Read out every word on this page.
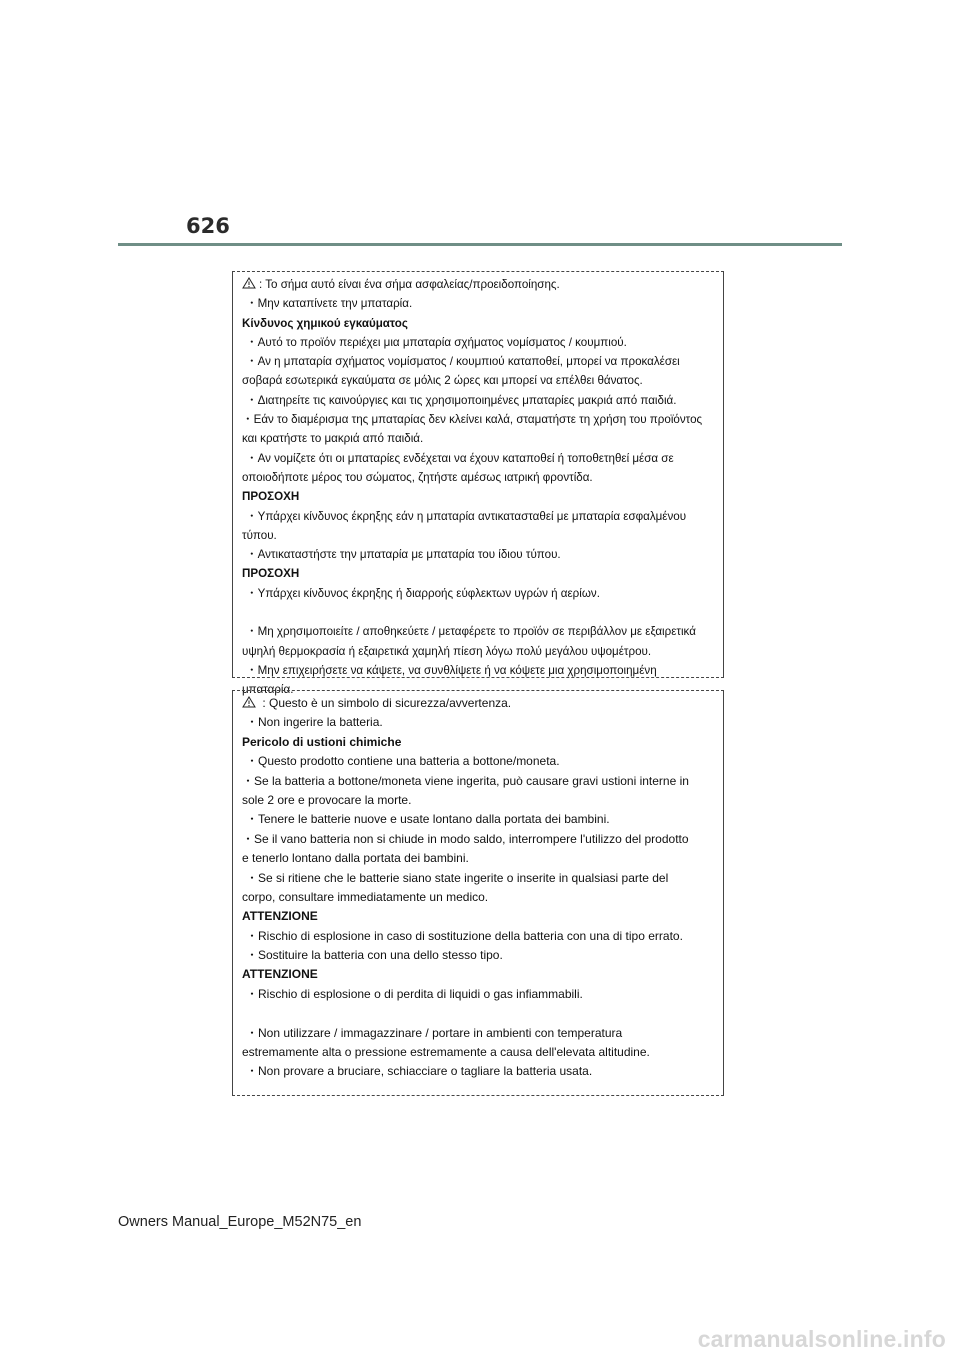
626
: Το σήμα αυτό είναι ένα σήμα ασφαλείας/προειδοποίησης.
・Μην καταπίνετε την μπαταρία.
Κίνδυνος χημικού εγκαύματος
・Αυτό το προϊόν περιέχει μια μπαταρία σχήματος νομίσματος / κουμπιού.
・Αν η μπαταρία σχήματος νομίσματος / κουμπιού καταποθεί, μπορεί να προκαλέσει
σοβαρά εσωτερικά εγκαύματα σε μόλις 2 ώρες και μπορεί να επέλθει θάνατος.
・Διατηρείτε τις καινούργιες και τις χρησιμοποιημένες μπαταρίες μακριά από παιδιά.
・Εάν το διαμέρισμα της μπαταρίας δεν κλείνει καλά, σταματήστε τη χρήση του προϊόντος
και κρατήστε το μακριά από παιδιά.
・Αν νομίζετε ότι οι μπαταρίες ενδέχεται να έχουν καταποθεί ή τοποθετηθεί μέσα σε
οποιοδήποτε μέρος του σώματος, ζητήστε αμέσως ιατρική φροντίδα.
ΠΡΟΣΟΧΗ
・Υπάρχει κίνδυνος έκρηξης εάν η μπαταρία αντικατασταθεί με μπαταρία εσφαλμένου
τύπου.
・Αντικαταστήστε την μπαταρία με μπαταρία του ίδιου τύπου.
ΠΡΟΣΟΧΗ
・Υπάρχει κίνδυνος έκρηξης ή διαρροής εύφλεκτων υγρών ή αερίων.
・Μη χρησιμοποιείτε / αποθηκεύετε / μεταφέρετε το προϊόν σε περιβάλλον με εξαιρετικά
υψηλή θερμοκρασία ή εξαιρετικά χαμηλή πίεση λόγω πολύ μεγάλου υψομέτρου.
・Μην επιχειρήσετε να κάψετε, να συνθλίψετε ή να κόψετε μια χρησιμοποιημένη
μπαταρία.
: Questo è un simbolo di sicurezza/avvertenza.
・Non ingerire la batteria.
Pericolo di ustioni chimiche
・Questo prodotto contiene una batteria a bottone/moneta.
・Se la batteria a bottone/moneta viene ingerita, può causare gravi ustioni interne in
sole 2 ore e provocare la morte.
・Tenere le batterie nuove e usate lontano dalla portata dei bambini.
・Se il vano batteria non si chiude in modo saldo, interrompere l'utilizzo del prodotto
e tenerlo lontano dalla portata dei bambini.
・Se si ritiene che le batterie siano state ingerite o inserite in qualsiasi parte del
corpo, consultare immediatamente un medico.
ATTENZIONE
・Rischio di esplosione in caso di sostituzione della batteria con una di tipo errato.
・Sostituire la batteria con una dello stesso tipo.
ATTENZIONE
・Rischio di esplosione o di perdita di liquidi o gas infiammabili.
・Non utilizzare / immagazzinare / portare in ambienti con temperatura
estremamente alta o pressione estremamente a causa dell'elevata altitudine.
・Non provare a bruciare, schiacciare o tagliare la batteria usata.
Owners Manual_Europe_M52N75_en
carmanualsonline.info
